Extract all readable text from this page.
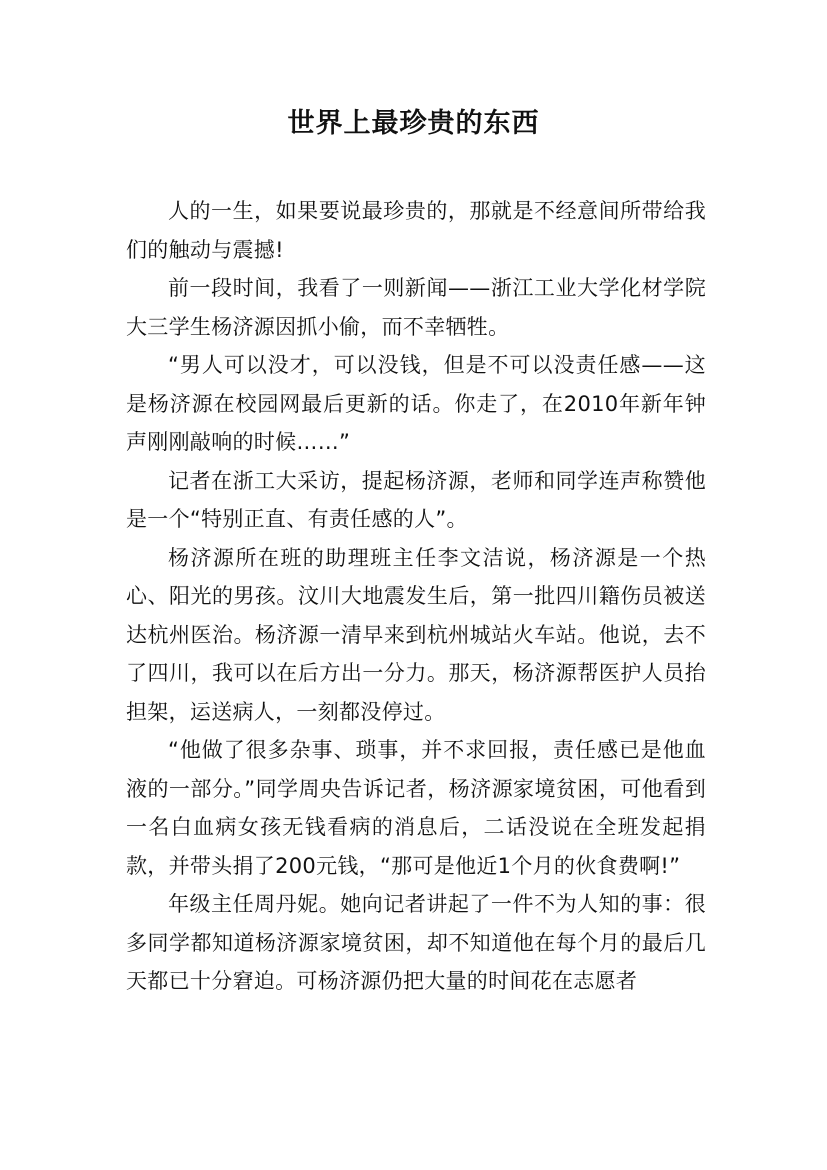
世界上最珍贵的东西

人的一生，如果要说最珍贵的，那就是不经意间所带给我们的触动与震撼!

前一段时间，我看了一则新闻——浙江工业大学化材学院大三学生杨济源因抓小偷，而不幸牺牲。

“男人可以没才，可以没钱，但是不可以没责任感——这是杨济源在校园网最后更新的话。你走了，在2010年新年钟声刚刚敲响的时候……”

记者在浙工大采访，提起杨济源，老师和同学连声称赞他是一个“特别正直、有责任感的人”。

杨济源所在班的助理班主任李文洁说，杨济源是一个热心、阳光的男孩。汶川大地震发生后，第一批四川籍伤员被送达杭州医治。杨济源一清早来到杭州城站火车站。他说，去不了四川，我可以在后方出一分力。那天，杨济源帮医护人员抬担架，运送病人，一刻都没停过。

“他做了很多杂事、琐事，并不求回报，责任感已是他血液的一部分。”同学周央告诉记者，杨济源家境贫困，可他看到一名白血病女孩无钱看病的消息后，二话没说在全班发起捐款，并带头捐了200元钱，“那可是他近1个月的伙食费啊!”

年级主任周丹妮。她向记者讲起了一件不为人知的事：很多同学都知道杨济源家境贫困，却不知道他在每个月的最后几天都已十分窘迫。可杨济源仍把大量的时间花在志愿者
